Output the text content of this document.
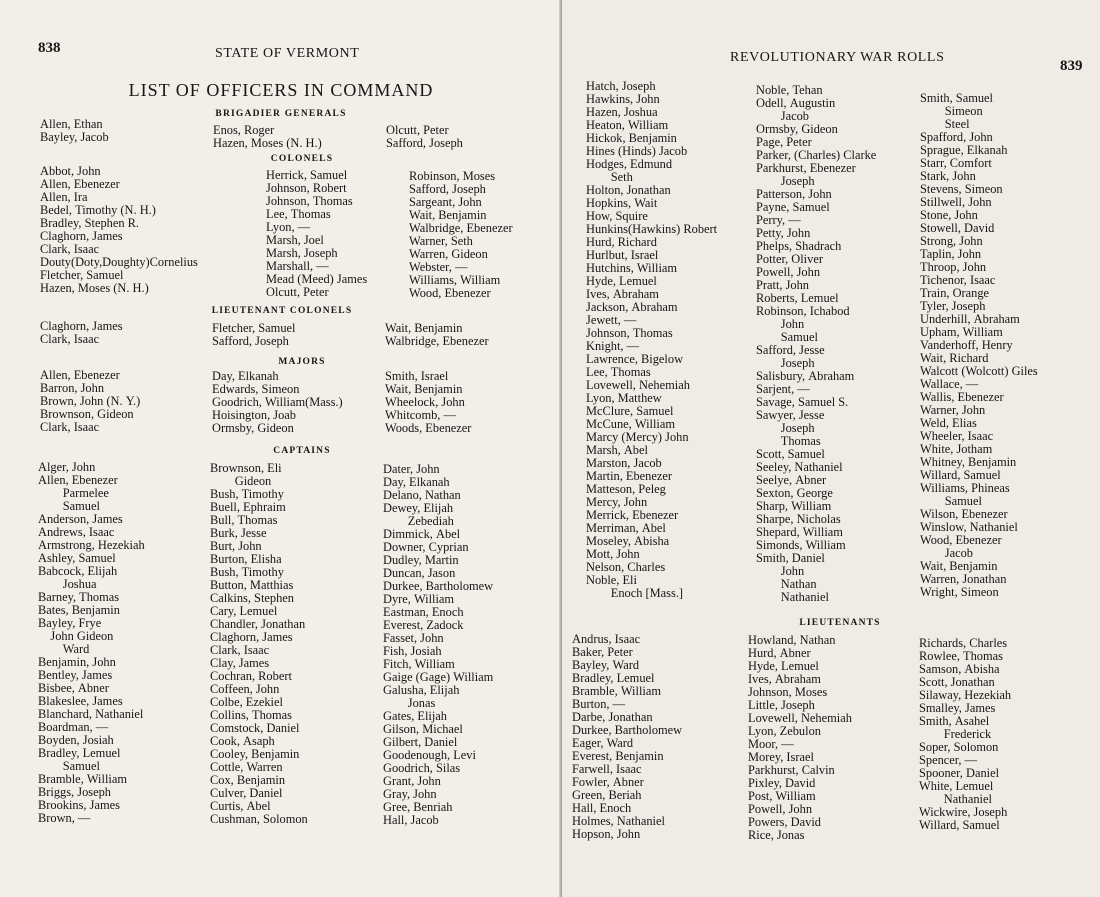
838	STATE OF VERMONT
LIST OF OFFICERS IN COMMAND
BRIGADIER GENERALS
Allen, Ethan
Bayley, Jacob	Enos, Roger
Hazen, Moses (N. H.)
Olcutt, Peter
Safford, Joseph
COLONELS
Abbot, John
Allen, Ebenezer
Allen, Ira
Bedel, Timothy (N. H.)
Bradley, Stephen R.
Claghorn, James
Clark, Isaac
Douty(Doty,Doughty)Cornelius
Fletcher, Samuel
Hazen, Moses (N. H.)
Herrick, Samuel
Johnson, Robert
Johnson, Thomas
Lee, Thomas
Lyon, —
Marsh, Joel
Marsh, Joseph
Marshall, —
Mead (Meed) James
Olcutt, Peter
Robinson, Moses
Safford, Joseph
Sargeant, John
Wait, Benjamin
Walbridge, Ebenezer
Warner, Seth
Warren, Gideon
Webster, —
Williams, William
Wood, Ebenezer
LIEUTENANT COLONELS
Claghorn, James
Clark, Isaac
Fletcher, Samuel
Safford, Joseph
Wait, Benjamin
Walbridge, Ebenezer
MAJORS
Allen, Ebenezer
Barron, John
Brown, John (N. Y.)
Brownson, Gideon
Clark, Isaac
Day, Elkanah
Edwards, Simeon
Goodrich, William(Mass.)
Hoisington, Joab
Ormsby, Gideon
Smith, Israel
Wait, Benjamin
Wheelock, John
Whitcomb, —
Woods, Ebenezer
CAPTAINS
Alger, John
Allen, Ebenezer
Parmelee
Samuel
Anderson, James
Andrews, Isaac
Armstrong, Hezekiah
Ashley, Samuel
Babcock, Elijah
Joshua
Barney, Thomas
Bates, Benjamin
Bayley, Frye
John Gideon
Ward
Benjamin, John
Bentley, James
Bisbee, Abner
Blakeslee, James
Blanchard, Nathaniel
Boardman, —
Boyden, Josiah
Bradley, Lemuel
Samuel
Bramble, William
Briggs, Joseph
Brookins, James
Brown, —
Brownson, Eli
Gideon
Bush, Timothy
Buell, Ephraim
Bull, Thomas
Burk, Jesse
Burt, John
Burton, Elisha
Bush, Timothy
Button, Matthias
Calkins, Stephen
Cary, Lemuel
Chandler, Jonathan
Claghorn, James
Clark, Isaac
Clay, James
Cochran, Robert
Coffeen, John
Colbe, Ezekiel
Collins, Thomas
Comstock, Daniel
Cook, Asaph
Cooley, Benjamin
Cottle, Warren
Cox, Benjamin
Culver, Daniel
Curtis, Abel
Cushman, Solomon
Dater, John
Day, Elkanah
Delano, Nathan
Dewey, Elijah
Zebediah
Dimmick, Abel
Downer, Cyprian
Dudley, Martin
Duncan, Jason
Durkee, Bartholomew
Dyre, William
Eastman, Enoch
Everest, Zadock
Fasset, John
Fish, Josiah
Fitch, William
Gaige (Gage) William
Galusha, Elijah
Jonas
Gates, Elijah
Gilson, Michael
Gilbert, Daniel
Goodenough, Levi
Goodrich, Silas
Grant, John
Gray, John
Gree, Benriah
Hall, Jacob
REVOLUTIONARY WAR ROLLS
839
Hatch, Joseph
Hawkins, John
Hazen, Joshua
Heaton, William
Hickok, Benjamin
Hines (Hinds) Jacob
Hodges, Edmund
Seth
Holton, Jonathan
Hopkins, Wait
How, Squire
Hunkins(Hawkins) Robert
Hurd, Richard
Hurlbut, Israel
Hutchins, William
Hyde, Lemuel
Ives, Abraham
Jackson, Abraham
Jewett, —
Johnson, Thomas
Knight, —
Lawrence, Bigelow
Lee, Thomas
Lovewell, Nehemiah
Lyon, Matthew
McClure, Samuel
McCune, William
Marcy (Mercy) John
Marsh, Abel
Marston, Jacob
Martin, Ebenezer
Matteson, Peleg
Mercy, John
Merrick, Ebenezer
Merriman, Abel
Moseley, Abisha
Mott, John
Nelson, Charles
Noble, Eli
Enoch [Mass.]
Noble, Tehan
Odell, Augustin
Jacob
Ormsby, Gideon
Page, Peter
Parker, (Charles) Clarke
Parkhurst, Ebenezer
Joseph
Patterson, John
Payne, Samuel
Perry, —
Petty, John
Phelps, Shadrach
Potter, Oliver
Powell, John
Pratt, John
Roberts, Lemuel
Robinson, Ichabod
John
Samuel
Safford, Jesse
Joseph
Salisbury, Abraham
Sarjent, —
Savage, Samuel S.
Sawyer, Jesse
Joseph
Thomas
Scott, Samuel
Seeley, Nathaniel
Seelye, Abner
Sexton, George
Sharp, William
Sharpe, Nicholas
Shepard, William
Simonds, William
Smith, Daniel
John
Nathan
Nathaniel
Smith, Samuel
Simeon
Steel
Spafford, John
Sprague, Elkanah
Starr, Comfort
Stark, John
Stevens, Simeon
Stillwell, John
Stone, John
Stowell, David
Strong, John
Taplin, John
Throop, John
Tichenor, Isaac
Train, Orange
Tyler, Joseph
Underhill, Abraham
Upham, William
Vanderhoff, Henry
Wait, Richard
Walcott (Wolcott) Giles
Wallace, —
Wallis, Ebenezer
Warner, John
Weld, Elias
Wheeler, Isaac
White, Jotham
Whitney, Benjamin
Willard, Samuel
Williams, Phineas
Samuel
Wilson, Ebenezer
Winslow, Nathaniel
Wood, Ebenezer
Jacob
Wait, Benjamin
Warren, Jonathan
Wright, Simeon
LIEUTENANTS
Andrus, Isaac
Baker, Peter
Bayley, Ward
Bradley, Lemuel
Bramble, William
Burton, —
Darbe, Jonathan
Durkee, Bartholomew
Eager, Ward
Everest, Benjamin
Farwell, Isaac
Fowler, Abner
Green, Beriah
Hall, Enoch
Holmes, Nathaniel
Hopson, John
Howland, Nathan
Hurd, Abner
Hyde, Lemuel
Ives, Abraham
Johnson, Moses
Little, Joseph
Lovewell, Nehemiah
Lyon, Zebulon
Moor, —
Morey, Israel
Parkhurst, Calvin
Pixley, David
Post, William
Powell, John
Powers, David
Rice, Jonas
Richards, Charles
Rowlee, Thomas
Samson, Abisha
Scott, Jonathan
Silaway, Hezekiah
Smalley, James
Smith, Asahel
Frederick
Soper, Solomon
Spencer, —
Spooner, Daniel
White, Lemuel
Nathaniel
Wickwire, Joseph
Willard, Samuel
